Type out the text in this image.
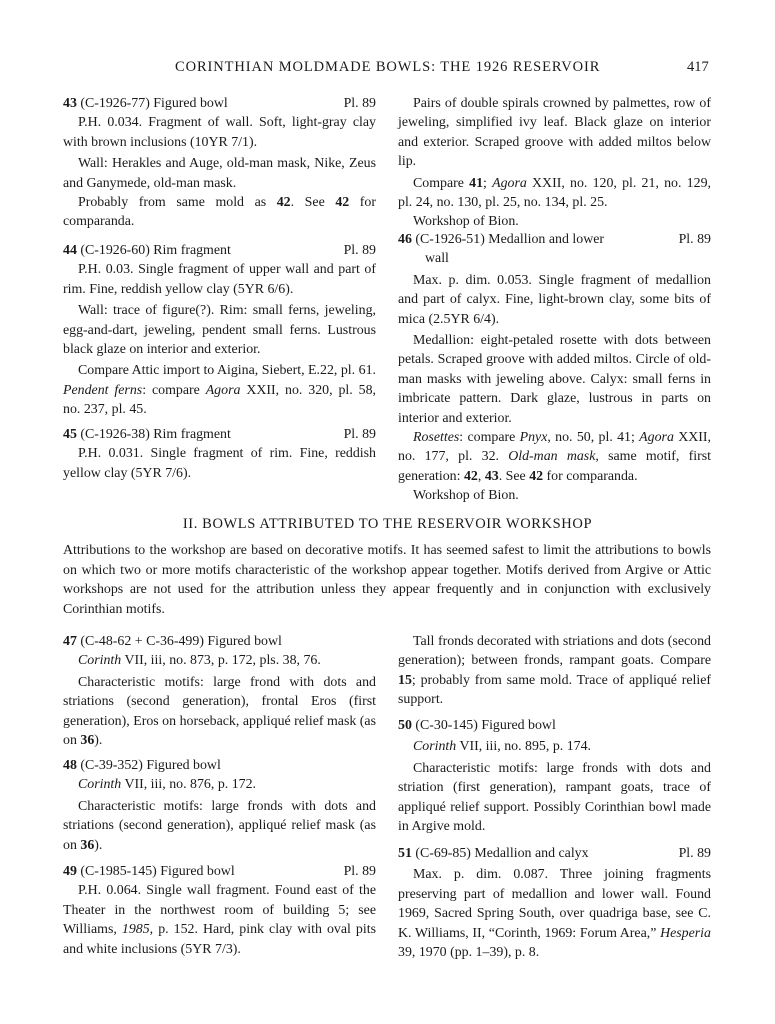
CORINTHIAN MOLDMADE BOWLS: THE 1926 RESERVOIR	417
43 (C-1926-77) Figured bowl	Pl. 89

P.H. 0.034. Fragment of wall. Soft, light-gray clay with brown inclusions (10YR 7/1).

Wall: Herakles and Auge, old-man mask, Nike, Zeus and Ganymede, old-man mask.

Probably from same mold as 42. See 42 for comparanda.

44 (C-1926-60) Rim fragment	Pl. 89

P.H. 0.03. Single fragment of upper wall and part of rim. Fine, reddish yellow clay (5YR 6/6).

Wall: trace of figure(?). Rim: small ferns, jeweling, egg-and-dart, jeweling, pendent small ferns. Lustrous black glaze on interior and exterior.

Compare Attic import to Aigina, Siebert, E.22, pl. 61. Pendent ferns: compare Agora XXII, no. 320, pl. 58, no. 237, pl. 45.

45 (C-1926-38) Rim fragment	Pl. 89

P.H. 0.031. Single fragment of rim. Fine, reddish yellow clay (5YR 7/6).

Pairs of double spirals crowned by palmettes, row of jeweling, simplified ivy leaf. Black glaze on interior and exterior. Scraped groove with added miltos below lip.

Compare 41; Agora XXII, no. 120, pl. 21, no. 129, pl. 24, no. 130, pl. 25, no. 134, pl. 25.

Workshop of Bion.

46 (C-1926-51) Medallion and lower
wall
Pl. 89

Max. p. dim. 0.053. Single fragment of medallion and part of calyx. Fine, light-brown clay, some bits of mica (2.5YR 6/4).

Medallion: eight-petaled rosette with dots between petals. Scraped groove with added miltos. Circle of old-man masks with jeweling above. Calyx: small ferns in imbricate pattern. Dark glaze, lustrous in parts on interior and exterior.

Rosettes: compare Pnyx, no. 50, pl. 41; Agora XXII, no. 177, pl. 32. Old-man mask, same motif, first generation: 42, 43. See 42 for comparanda.

Workshop of Bion.

II. BOWLS ATTRIBUTED TO THE RESERVOIR WORKSHOP
Attributions to the workshop are based on decorative motifs. It has seemed safest to limit the attributions to bowls on which two or more motifs characteristic of the workshop appear together. Motifs derived from Argive or Attic workshops are not used for the attribution unless they appear frequently and in conjunction with exclusively Corinthian motifs.
47 (C-48-62 + C-36-499) Figured bowl

Corinth VII, iii, no. 873, p. 172, pls. 38, 76.

Characteristic motifs: large frond with dots and striations (second generation), frontal Eros (first generation), Eros on horseback, appliqué relief mask (as on 36).

48 (C-39-352) Figured bowl

Corinth VII, iii, no. 876, p. 172.

Characteristic motifs: large fronds with dots and striations (second generation), appliqué relief mask (as on 36).

49 (C-1985-145) Figured bowl	Pl. 89

P.H. 0.064. Single wall fragment. Found east of the Theater in the northwest room of building 5; see Williams, 1985, p. 152. Hard, pink clay with oval pits and white inclusions (5YR 7/3).

Tall fronds decorated with striations and dots (second generation); between fronds, rampant goats. Compare 15; probably from same mold. Trace of appliqué relief support.

50 (C-30-145) Figured bowl

Corinth VII, iii, no. 895, p. 174.

Characteristic motifs: large fronds with dots and striation (first generation), rampant goats, trace of appliqué relief support. Possibly Corinthian bowl made in Argive mold.

51 (C-69-85) Medallion and calyx	Pl. 89

Max. p. dim. 0.087. Three joining fragments preserving part of medallion and lower wall. Found 1969, Sacred Spring South, over quadriga base, see C. K. Williams, II, “Corinth, 1969: Forum Area,” Hesperia 39, 1970 (pp. 1–39), p. 8.
